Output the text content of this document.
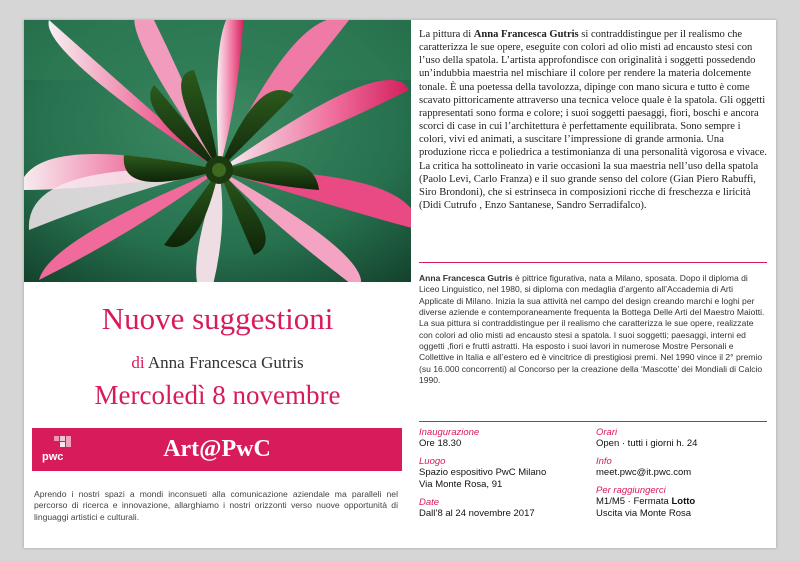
Nuove suggestioni
di Anna Francesca Gutris
Mercoledì 8 novembre
pwc	Art@PwC
Aprendo i nostri spazi a mondi inconsueti alla comunicazione aziendale ma paralleli nel percorso di ricerca e innovazione, allarghiamo i nostri orizzonti verso nuove opportunità di linguaggi artistici e culturali.
La pittura di Anna Francesca Gutris si contraddistingue per il realismo che caratterizza le sue opere, eseguite con colori ad olio misti ad encausto stesi con l’uso della spatola. L’artista approfondisce con originalità i soggetti possedendo un’indubbia maestria nel mischiare il colore per rendere la materia dolcemente tonale. È una poetessa della tavolozza, dipinge con mano sicura e tutto è come scavato pittoricamente attraverso una tecnica veloce quale è la spatola. Gli oggetti rappresentati sono forma e colore; i suoi soggetti paesaggi, fiori, boschi e ancora scorci di case in cui l’architettura è perfettamente equilibrata. Sono sempre i colori, vivi ed animati, a suscitare l’impressione di grande armonia. Una produzione ricca e poliedrica a testimonianza di una personalità vigorosa e vivace. La critica ha sottolineato in varie occasioni la sua maestria nell’uso della spatola (Paolo Levi, Carlo Franza) e il suo grande senso del colore (Gian Piero Rabuffi, Siro Brondoni), che si estrinseca in composizioni ricche di freschezza e liricità (Didi Cutrufo , Enzo Santanese, Sandro Serradifalco).
Anna Francesca Gutris è pittrice figurativa, nata a Milano, sposata. Dopo il diploma di Liceo Linguistico, nel 1980, si diploma con medaglia d’argento all’Accademia di Arti Applicate di Milano. Inizia la sua attività nel campo del design creando marchi e loghi per diverse aziende e contemporaneamente frequenta la Bottega Delle Arti del Maestro Maiotti. La sua pittura si contraddistingue per il realismo che caratterizza le sue opere, realizzate con colori ad olio misti ad encausto stesi a spatola. I suoi soggetti; paesaggi, interni ed oggetti ,fiori e frutti astratti. Ha esposto i suoi lavori in numerose Mostre Personali e Collettive in Italia e all’estero ed è vincitrice di prestigiosi premi. Nel 1990 vince il 2° premio (su 16.000 concorrenti) al Concorso per la creazione della ‘Mascotte’ dei Mondiali di Calcio 1990.
Inaugurazione
Ore 18.30
Luogo
Spazio espositivo PwC Milano
Via Monte Rosa, 91
Date
Dall’8 al 24 novembre 2017
Orari
Open · tutti i giorni h. 24
Info
meet.pwc@it.pwc.com
Per raggiungerci
M1/M5 · Fermata Lotto
Uscita via Monte Rosa
